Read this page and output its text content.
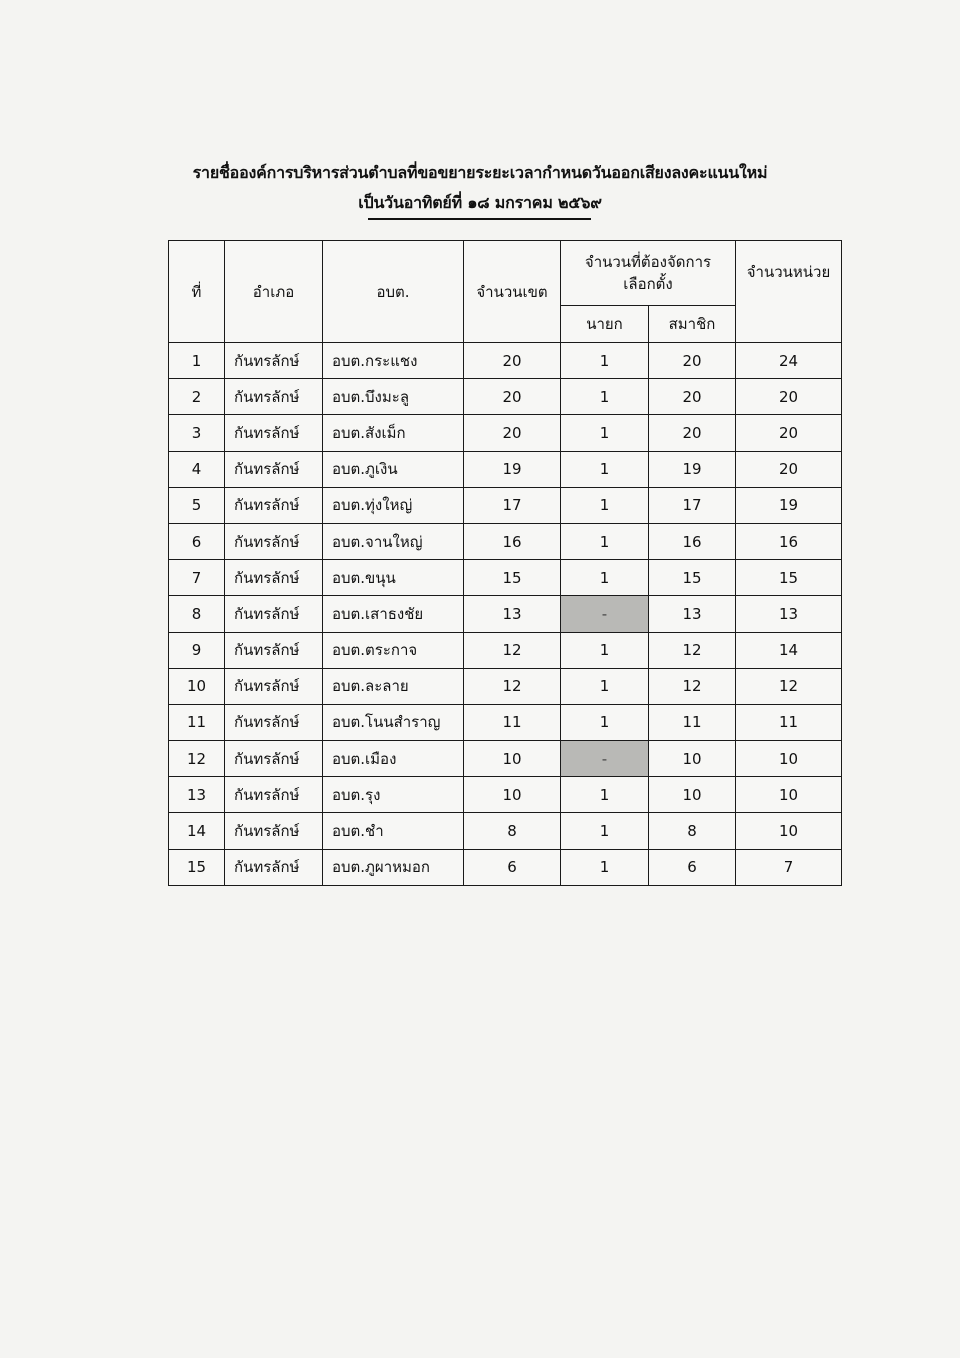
รายชื่อองค์การบริหารส่วนตำบลที่ขอขยายระยะเวลากำหนดวันออกเสียงลงคะแนนใหม่
เป็นวันอาทิตย์ที่ ๑๘ มกราคม ๒๕๖๙
ที่	อำเภอ	อบต.	จำนวนเขต	จำนวนที่ต้องจัดการเลือกตั้ง		จำนวนหน่วย
				นายก	สมาชิก	
1	กันทรลักษ์	อบต.กระแชง	20	1	20	24
2	กันทรลักษ์	อบต.บึงมะลู	20	1	20	20
3	กันทรลักษ์	อบต.สังเม็ก	20	1	20	20
4	กันทรลักษ์	อบต.ภูเงิน	19	1	19	20
5	กันทรลักษ์	อบต.ทุ่งใหญ่	17	1	17	19
6	กันทรลักษ์	อบต.จานใหญ่	16	1	16	16
7	กันทรลักษ์	อบต.ขนุน	15	1	15	15
8	กันทรลักษ์	อบต.เสาธงชัย	13	-	13	13
9	กันทรลักษ์	อบต.ตระกาจ	12	1	12	14
10	กันทรลักษ์	อบต.ละลาย	12	1	12	12
11	กันทรลักษ์	อบต.โนนสำราญ	11	1	11	11
12	กันทรลักษ์	อบต.เมือง	10	-	10	10
13	กันทรลักษ์	อบต.รุง	10	1	10	10
14	กันทรลักษ์	อบต.ชำ	8	1	8	10
15	กันทรลักษ์	อบต.ภูผาหมอก	6	1	6	7
